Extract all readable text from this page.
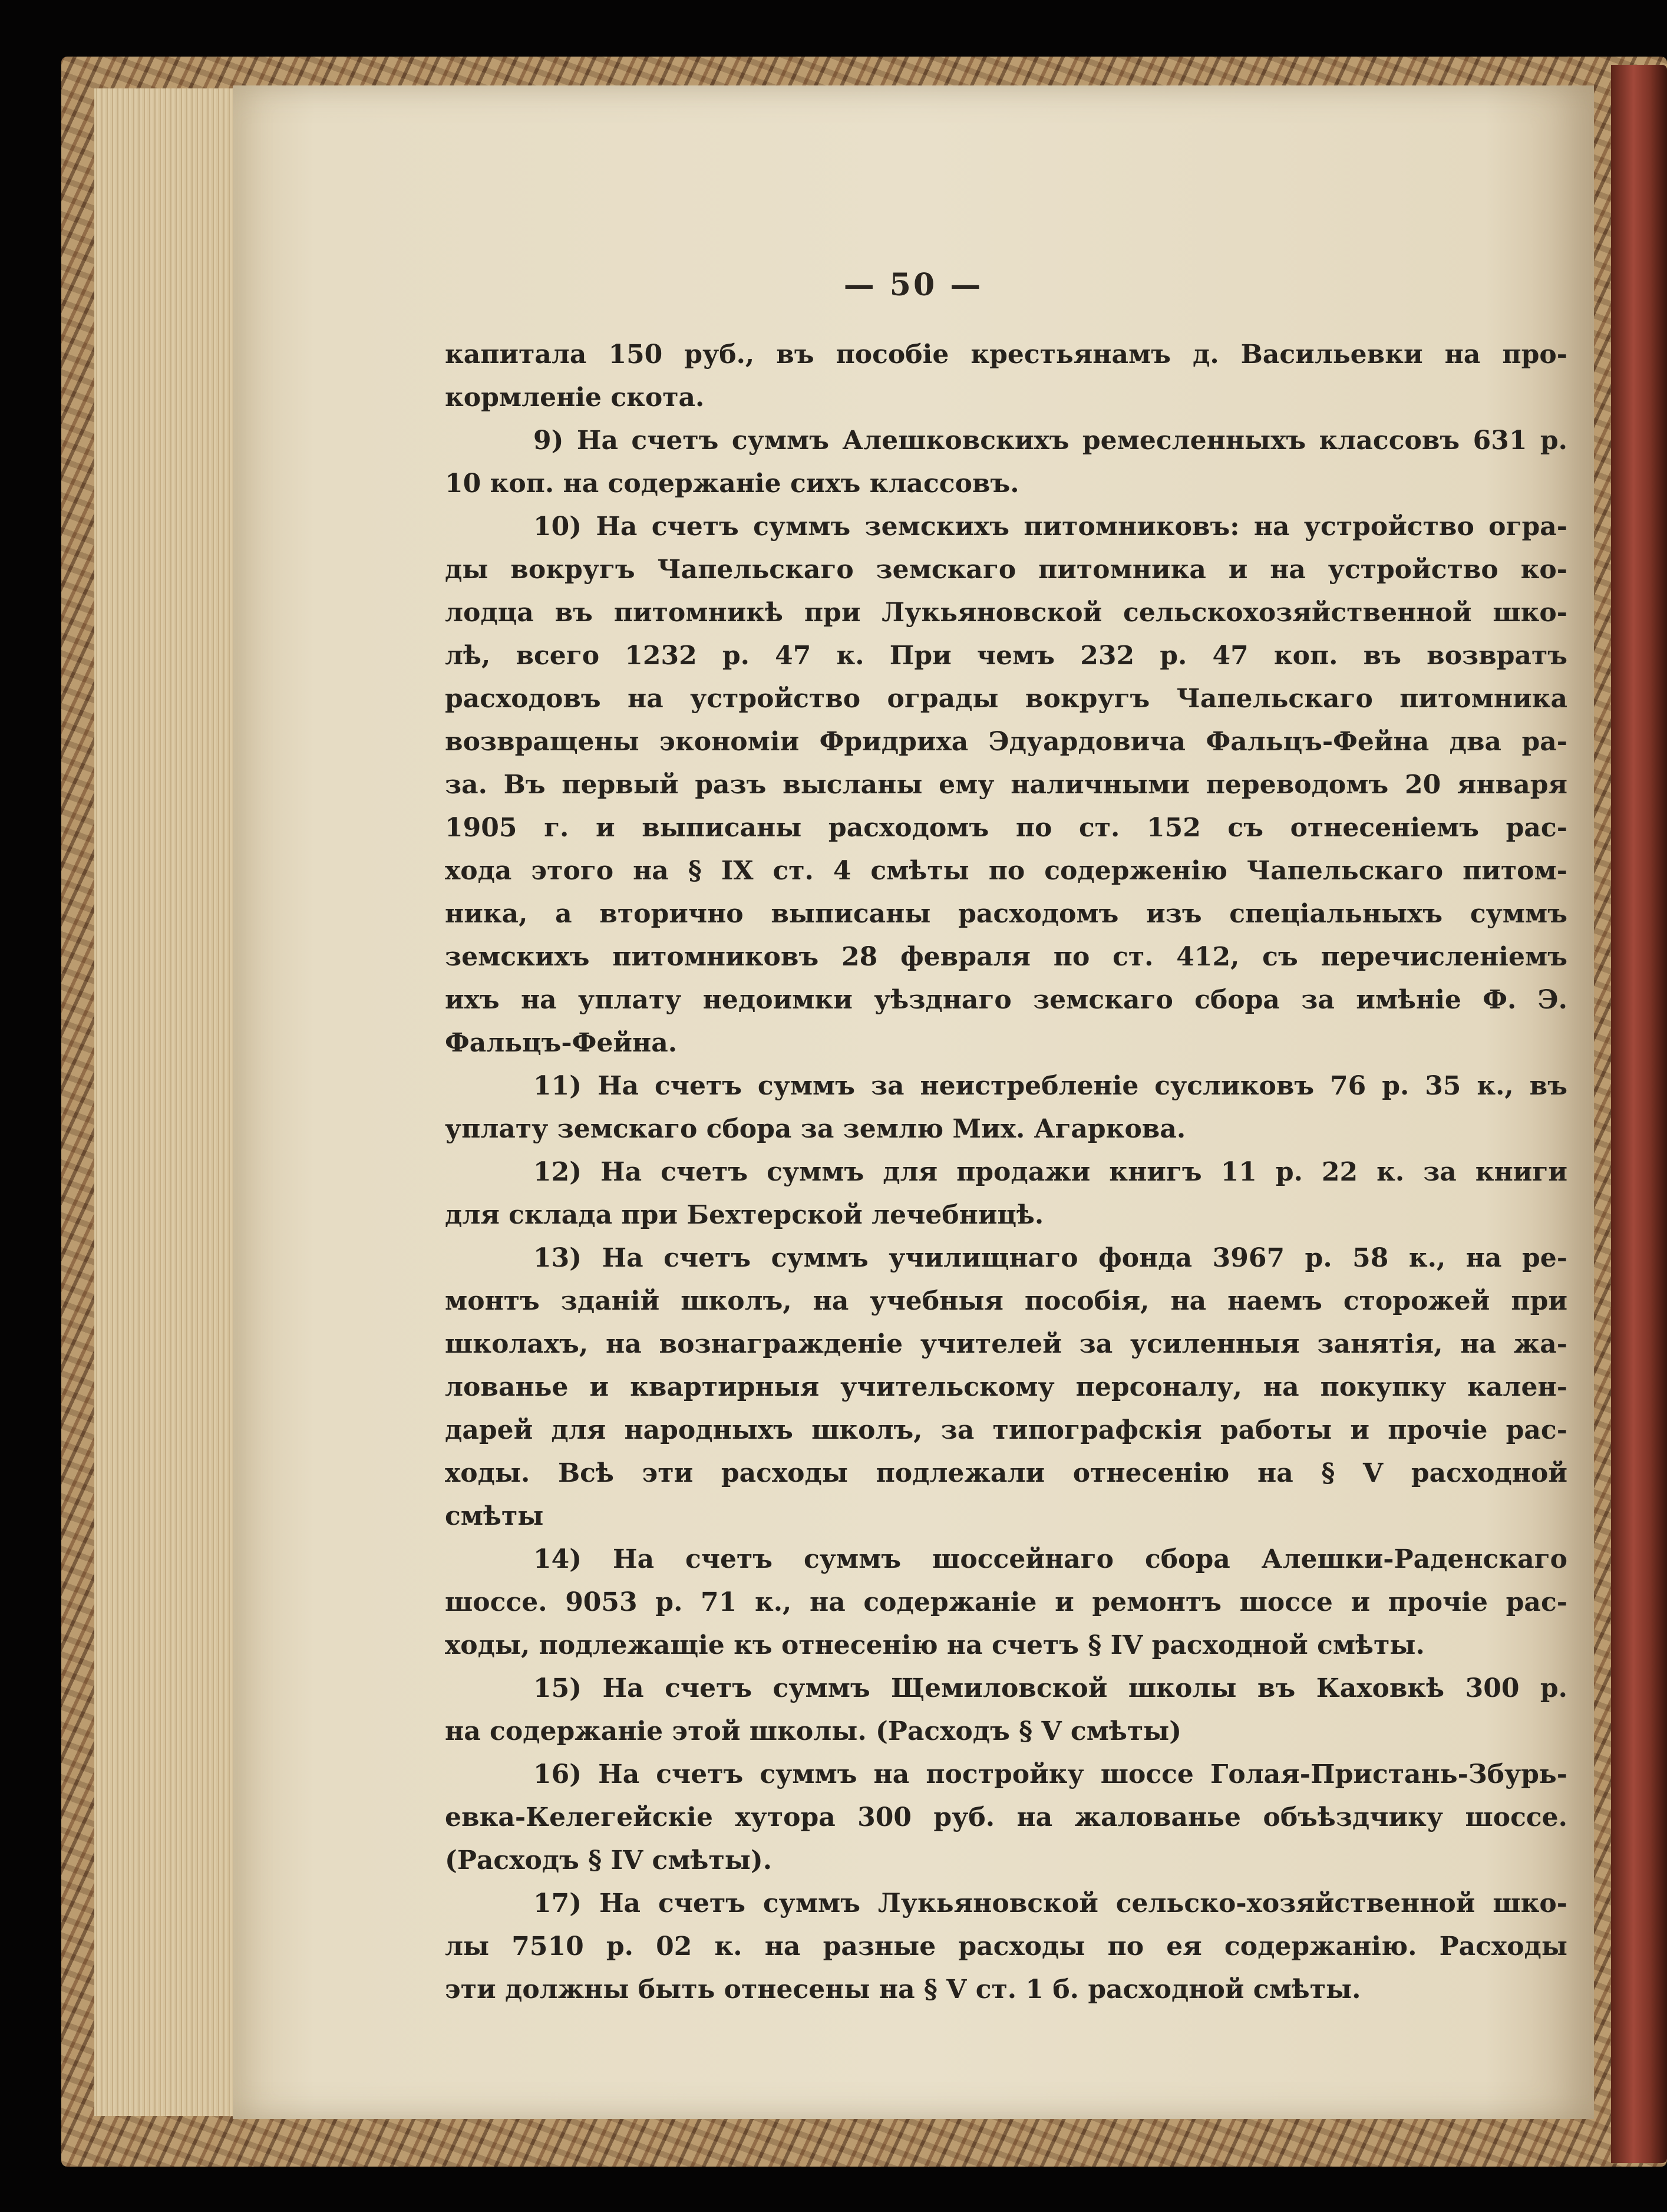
— 50 —
капитала 150 руб., въ пособіе крестьянамъ д. Васильевки на про-
кормленіе скота.
9) На счетъ суммъ Алешковскихъ ремесленныхъ классовъ 631 р.
10 коп. на содержаніе сихъ классовъ.
10) На счетъ суммъ земскихъ питомниковъ: на устройство огра-
ды вокругъ Чапельскаго земскаго питомника и на устройство ко-
лодца въ питомникѣ при Лукьяновской сельскохозяйственной шко-
лѣ, всего 1232 р. 47 к. При чемъ 232 р. 47 коп. въ возвратъ
расходовъ на устройство ограды вокругъ Чапельскаго питомника
возвращены экономіи Фридриха Эдуардовича Фальцъ-Фейна два ра-
за. Въ первый разъ высланы ему наличными переводомъ 20 января
1905 г. и выписаны расходомъ по ст. 152 съ отнесеніемъ рас-
хода этого на § IX ст. 4 смѣты по содерженію Чапельскаго питом-
ника, а вторично выписаны расходомъ изъ спеціальныхъ суммъ
земскихъ питомниковъ 28 февраля по ст. 412, съ перечисленіемъ
ихъ на уплату недоимки уѣзднаго земскаго сбора за имѣніе Ф. Э.
Фальцъ-Фейна.
11) На счетъ суммъ за неистребленіе сусликовъ 76 р. 35 к., въ
уплату земскаго сбора за землю Мих. Агаркова.
12) На счетъ суммъ для продажи книгъ 11 р. 22 к. за книги
для склада при Бехтерской лечебницѣ.
13) На счетъ суммъ училищнаго фонда 3967 р. 58 к., на ре-
монтъ зданій школъ, на учебныя пособія, на наемъ сторожей при
школахъ, на вознагражденіе учителей за усиленныя занятія, на жа-
лованье и квартирныя учительскому персоналу, на покупку кален-
дарей для народныхъ школъ, за типографскія работы и прочіе рас-
ходы. Всѣ эти расходы подлежали отнесенію на § V расходной
смѣты
14) На счетъ суммъ шоссейнаго сбора Алешки-Раденскаго
шоссе. 9053 р. 71 к., на содержаніе и ремонтъ шоссе и прочіе рас-
ходы, подлежащіе къ отнесенію на счетъ § IV расходной смѣты.
15) На счетъ суммъ Щемиловской школы въ Каховкѣ 300 р.
на содержаніе этой школы. (Расходъ § V смѣты)
16) На счетъ суммъ на постройку шоссе Голая-Пристань-Збурь-
евка-Келегейскіе хутора 300 руб. на жалованье объѣздчику шоссе.
(Расходъ § IV смѣты).
17) На счетъ суммъ Лукьяновской сельско-хозяйственной шко-
лы 7510 р. 02 к. на разные расходы по ея содержанію. Расходы
эти должны быть отнесены на § V ст. 1 б. расходной смѣты.
